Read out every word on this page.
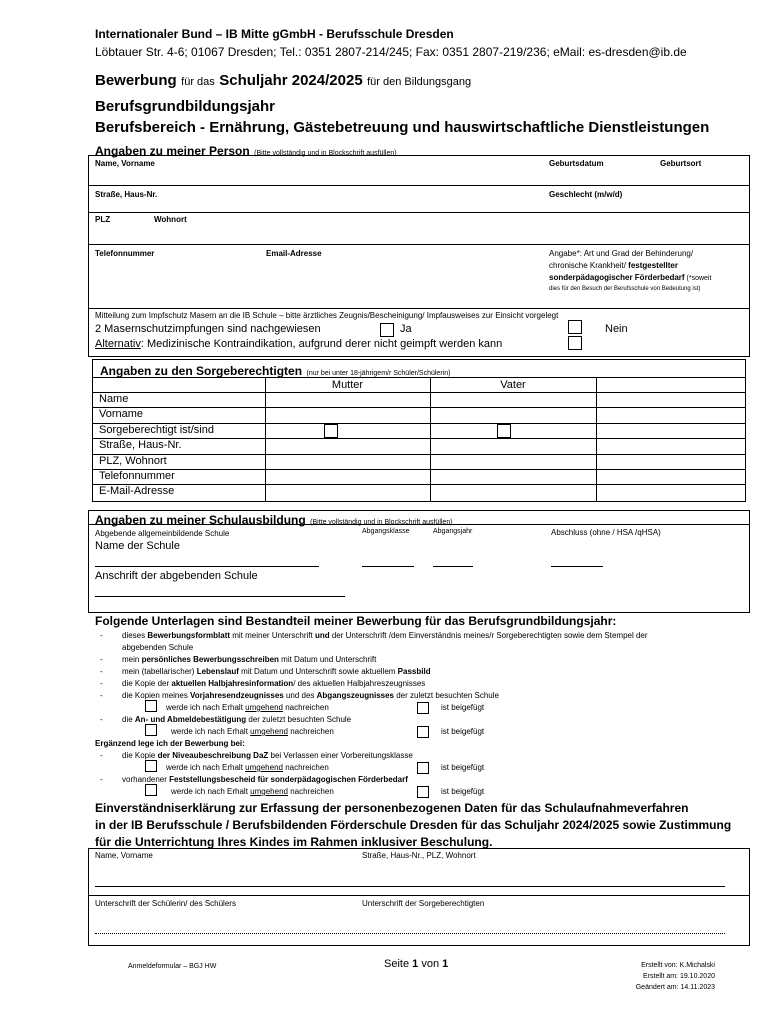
Internationaler Bund – IB Mitte gGmbH - Berufsschule Dresden
Löbtauer Str. 4-6; 01067 Dresden; Tel.: 0351 2807-214/245; Fax: 0351 2807-219/236; eMail: es-dresden@ib.de
Bewerbung für das Schuljahr 2024/2025 für den Bildungsgang
Berufsgrundbildungsjahr
Berufsbereich - Ernährung, Gästebetreuung und hauswirtschaftliche Dienstleistungen
Angaben zu meiner Person (Bitte vollständig und in Blockschrift ausfüllen)
Name, Vorname	Geburtsdatum	Geburtsort
Straße, Haus-Nr.	Geschlecht (m/w/d)
PLZ	Wohnort
Telefonnummer	Email-Adresse	Angabe*: Art und Grad der Behinderung/
chronische Krankheit/ festgestellter
sonderpädagogischer Förderbedarf (*soweit
dies für den Besuch der Berufsschule von Bedeutung ist)
Mitteilung zum Impfschutz Masern an die IB Schule – bitte ärztliches Zeugnis/Bescheinigung/ Impfausweises zur Einsicht vorgelegt
2 Masernschutzimpfungen sind nachgewiesen	Ja	Nein
Alternativ: Medizinische Kontraindikation, aufgrund derer nicht geimpft werden kann
Angaben zu den Sorgeberechtigten (nur bei unter 18-jährigem/r Schüler/Schülerin)
Mutter	Vater
Name
Vorname
Sorgeberechtigt ist/sind
Straße, Haus-Nr.
PLZ, Wohnort
Telefonnummer
E-Mail-Adresse
Angaben zu meiner Schulausbildung (Bitte vollständig und in Blockschrift ausfüllen)
Abgebende allgemeinbildende Schule	Abgangsklasse	Abgangsjahr	Abschluss (ohne / HSA /qHSA)
Name der Schule
Anschrift der abgebenden Schule
Folgende Unterlagen sind Bestandteil meiner Bewerbung für das Berufsgrundbildungsjahr:
- dieses Bewerbungsformblatt mit meiner Unterschrift und der Unterschrift /dem Einverständnis meines/r Sorgeberechtigten sowie dem Stempel der
abgebenden Schule
- mein persönliches Bewerbungsschreiben mit Datum und Unterschrift
- mein (tabellarischer) Lebenslauf mit Datum und Unterschrift sowie aktuellem Passbild
- die Kopie der aktuellen Halbjahresinformation/ des aktuellen Halbjahreszeugnisses
- die Kopien meines Vorjahresendzeugnisses und des Abgangszeugnisses der zuletzt besuchten Schule
werde ich nach Erhalt umgehend nachreichen	ist beigefügt
- die An- und Abmeldebestätigung der zuletzt besuchten Schule
werde ich nach Erhalt umgehend nachreichen	ist beigefügt
Ergänzend lege ich der Bewerbung bei:
- die Kopie der Niveaubeschreibung DaZ bei Verlassen einer Vorbereitungsklasse
werde ich nach Erhalt umgehend nachreichen	ist beigefügt
- vorhandener Feststellungsbescheid für sonderpädagogischen Förderbedarf
werde ich nach Erhalt umgehend nachreichen	ist beigefügt
Einverständniserklärung zur Erfassung der personenbezogenen Daten für das Schulaufnahmeverfahren
in der IB Berufsschule / Berufsbildenden Förderschule Dresden für das Schuljahr 2024/2025 sowie Zustimmung
für die Unterrichtung Ihres Kindes im Rahmen inklusiver Beschulung.
Name, Vorname	Straße, Haus-Nr., PLZ, Wohnort
Unterschrift der Schülerin/ des Schülers	Unterschrift der Sorgeberechtigten
Anmeldeformular – BGJ HW	Seite 1 von 1	Erstellt von: K.Michalski
Erstellt am: 19.10.2020
Geändert am: 14.11.2023
